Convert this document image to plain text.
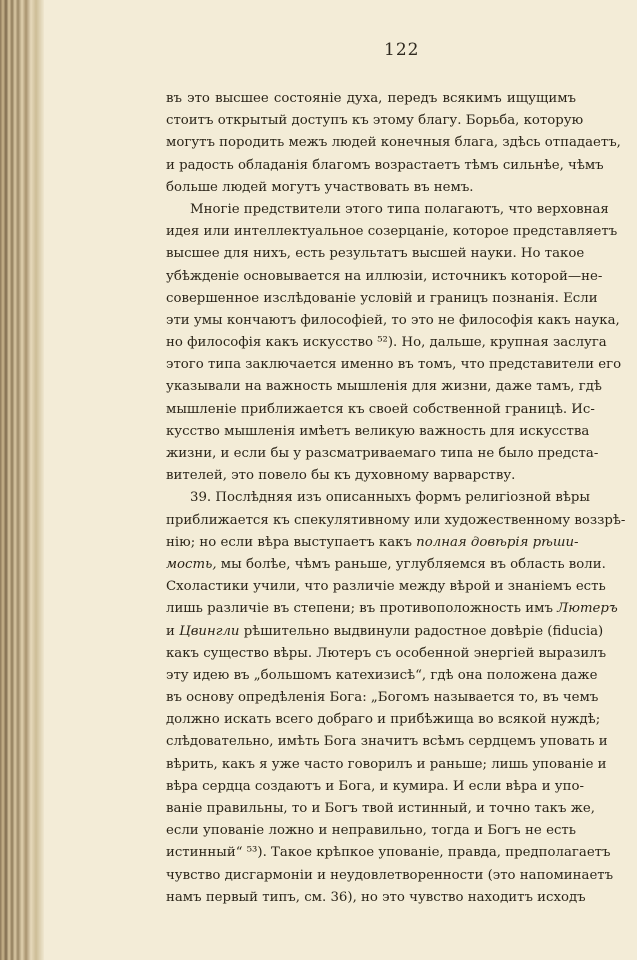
122
въ это высшее состояніе духа, передъ всякимъ ищущимъ
стоитъ открытый доступъ къ этому благу. Борьба, которую
могутъ породить межъ людей конечныя блага, здѣсь отпадаетъ,
и радость обладанія благомъ возрастаетъ тѣмъ сильнѣе, чѣмъ
больше людей могутъ участвовать въ немъ.
Многіе предствители этого типа полагаютъ, что верховная
идея или интеллектуальное созерцаніе, которое представляетъ
высшее для нихъ, есть результатъ высшей науки. Но такое
убѣжденіе основывается на иллюзіи, источникъ которой—не-
совершенное изслѣдованіе условій и границъ познанія. Если
эти умы кончаютъ философіей, то это не философія какъ наука,
но философія какъ искусство ⁵²). Но, дальше, крупная заслуга
этого типа заключается именно въ томъ, что представители его
указывали на важность мышленія для жизни, даже тамъ, гдѣ
мышленіе приближается къ своей собственной границѣ. Ис-
кусство мышленія имѣетъ великую важность для искусства
жизни, и если бы у разсматриваемаго типа не было предста-
вителей, это повело бы къ духовному варварству.
39. Послѣдняя изъ описанныхъ формъ религіозной вѣры
приближается къ спекулятивному или художественному воззрѣ-
нію; но если вѣра выступаетъ какъ полная довѣрія рѣши-
мость, мы болѣе, чѣмъ раньше, углубляемся въ область воли.
Схоластики учили, что различіе между вѣрой и знаніемъ есть
лишь различіе въ степени; въ противоположность имъ Лютеръ
и Цвингли рѣшительно выдвинули радостное довѣріе (fiducia)
какъ существо вѣры. Лютеръ съ особенной энергіей выразилъ
эту идею въ „большомъ катехизисѣ“, гдѣ она положена даже
въ основу опредѣленія Бога: „Богомъ называется то, въ чемъ
должно искать всего добраго и прибѣжища во всякой нуждѣ;
слѣдовательно, имѣть Бога значитъ всѣмъ сердцемъ уповать и
вѣрить, какъ я уже часто говорилъ и раньше; лишь упованіе и
вѣра сердца создаютъ и Бога, и кумира. И если вѣра и упо-
ваніе правильны, то и Богъ твой истинный, и точно такъ же,
если упованіе ложно и неправильно, тогда и Богъ не есть
истинный“ ⁵³). Такое крѣпкое упованіе, правда, предполагаетъ
чувство дисгармоніи и неудовлетворенности (это напоминаетъ
намъ первый типъ, см. 36), но это чувство находитъ исходъ
